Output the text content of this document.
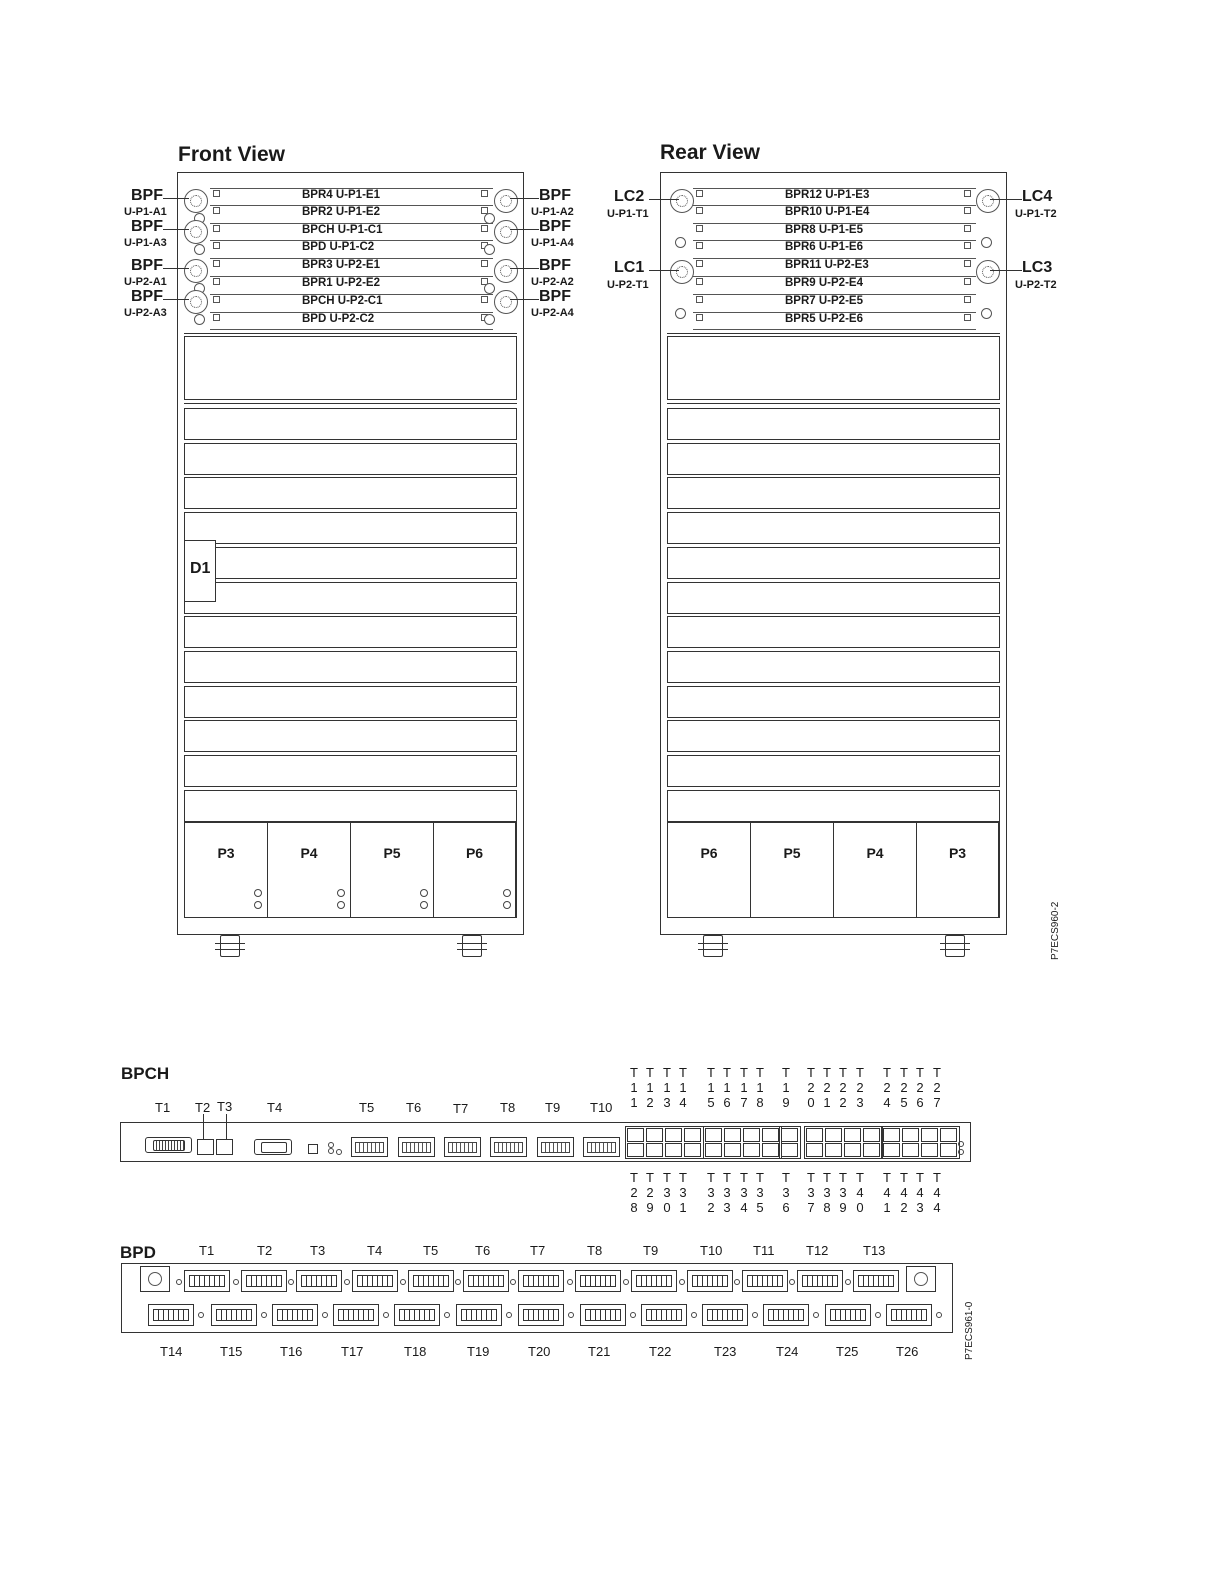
Front View	Rear View
P7ECS960-2
BPCH
BPD
P7ECS961-0
BPR4 U-P1-E1
BPR2 U-P1-E2
BPCH U-P1-C1
BPD U-P1-C2
BPR3 U-P2-E1
BPR1 U-P2-E2
BPCH U-P2-C1
BPD U-P2-C2
P3	P4	P5	P6
BPR12 U-P1-E3
BPR10 U-P1-E4
BPR8 U-P1-E5
BPR6 U-P1-E6
BPR11 U-P2-E3
BPR9 U-P2-E4
BPR7 U-P2-E5
BPR5 U-P2-E6
P6	P5	P4	P3
D1
BPF
U-P1-A1
BPF
U-P1-A2
BPF
U-P1-A3
BPF
U-P1-A4
BPF
U-P2-A1
BPF
U-P2-A2
BPF
U-P2-A3
BPF
U-P2-A4
LC2
U-P1-T1
LC4
U-P1-T2
LC1
U-P2-T1
LC3
U-P2-T2
T1 T2 T3	T4	T5 T6 T7 T8 T9 T10
T
1
1
T
1
2
T
1
3
T
1
4
T
1
5
T
1
6
T
1
7
T
1
8
T
1
9
T
2
0
T
2
1
T
2
2
T
2
3
T
2
4
T
2
5
T
2
6
T
2
7
T
2
8
T
2
9
T
3
0
T
3
1
T
3
2
T
3
3
T
3
4
T
3
5
T
3
6
T
3
7
T
3
8
T
3
9
T
4
0
T
4
1
T
4
2
T
4
3
T
4
4
T1	T2	T3	T4	T5	T6	T7	T8	T9	T10 T11 T12	T13
T14	T15	T16	T17	T18	T19	T20	T21	T22	T23	T24	T25	T26
